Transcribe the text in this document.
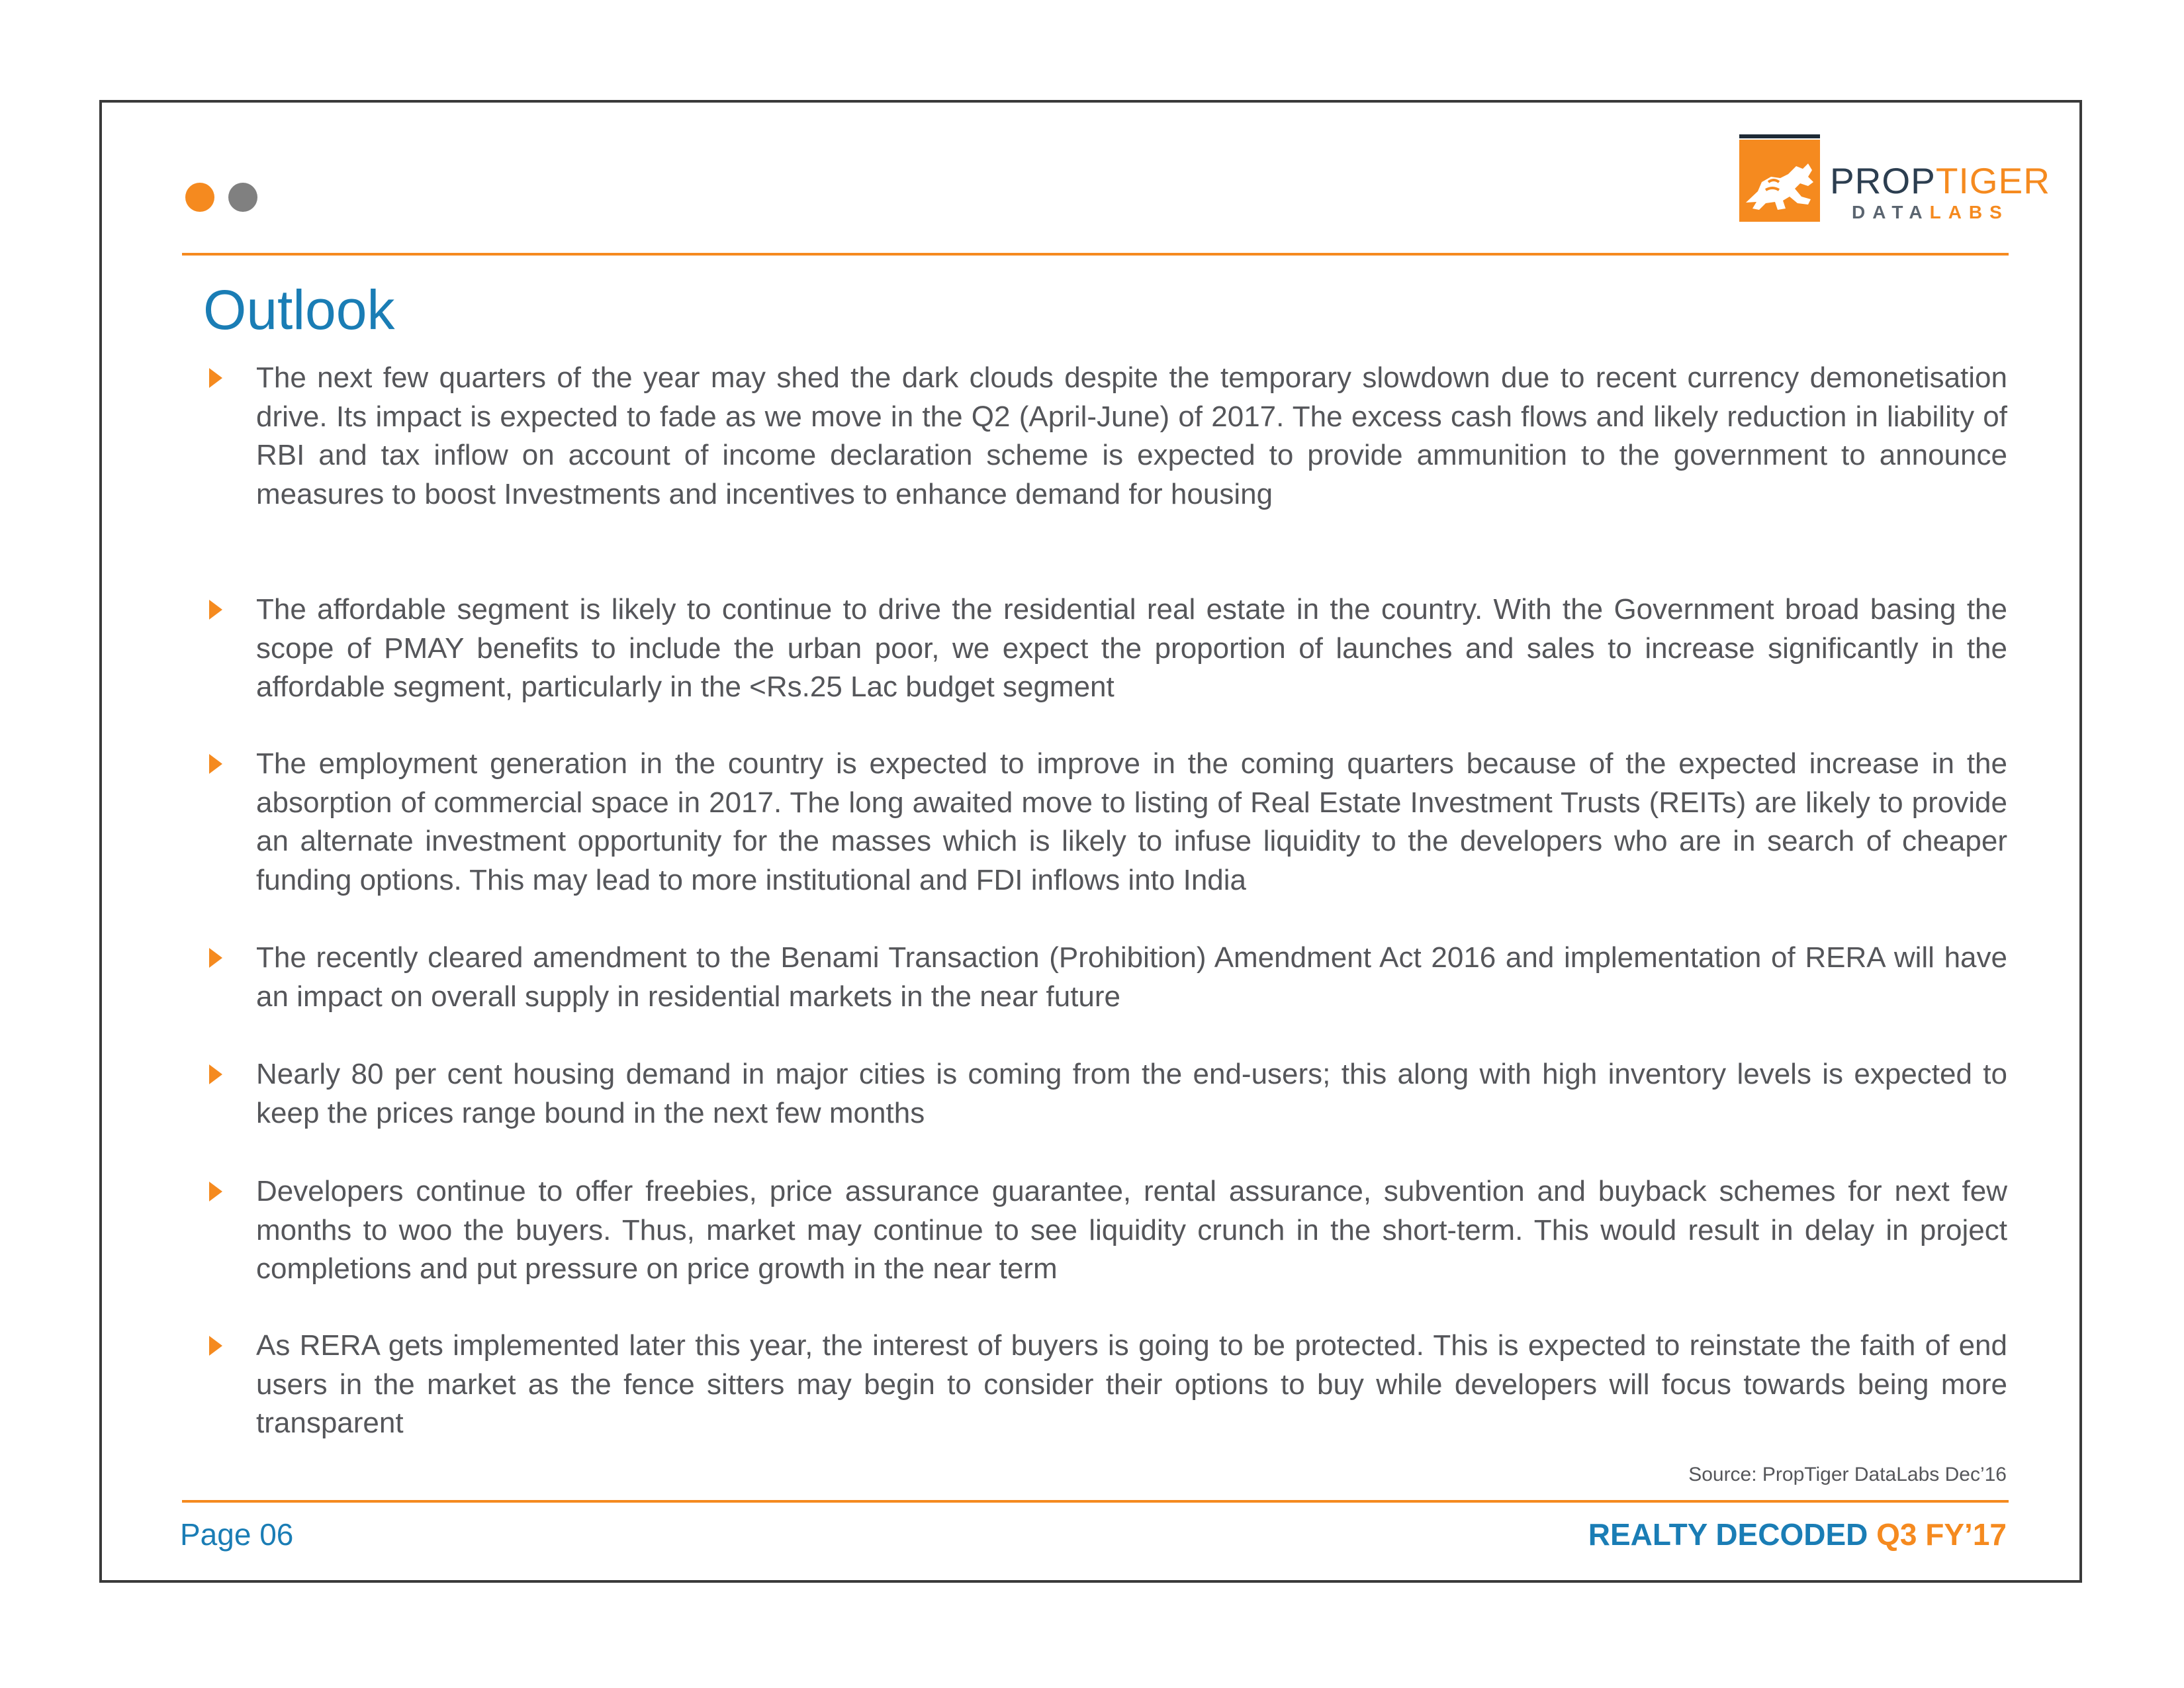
PROPTIGER
DATALABS
Outlook
The next few quarters of the year may shed the dark clouds despite the temporary slowdown due to recent currency demonetisation drive. Its impact is expected to fade as we move in the Q2 (April-June) of 2017. The excess cash flows and likely reduction in liability of RBI and tax inflow on account of income declaration scheme is expected to provide ammunition to the government to announce measures to boost Investments and incentives to enhance demand for housing
The affordable segment is likely to continue to drive the residential real estate in the country. With the Government broad basing the scope of PMAY benefits to include the urban poor, we expect the proportion of launches and sales to increase significantly in the affordable segment, particularly in the <Rs.25 Lac budget segment
The employment generation in the country is expected to improve in the coming quarters because of the expected increase in the absorption of commercial space in 2017. The long awaited move to listing of Real Estate Investment Trusts (REITs) are likely to provide an alternate investment opportunity for the masses which is likely to infuse liquidity to the developers who are in search of cheaper funding options. This may lead to more institutional and FDI inflows into India
The recently cleared amendment to the Benami Transaction (Prohibition) Amendment Act 2016 and implementation of RERA will have an impact on overall supply in residential markets in the near future
Nearly 80 per cent housing demand in major cities is coming from the end-users; this along with high inventory levels is expected to keep the prices range bound in the next few months
Developers continue to offer freebies, price assurance guarantee, rental assurance, subvention and buyback schemes for next few months to woo the buyers. Thus, market may continue to see liquidity crunch in the short-term. This would result in delay in project completions and put pressure on price growth in the near term
As RERA gets implemented later this year, the interest of buyers is going to be protected. This is expected to reinstate the faith of end users in the market as the fence sitters may begin to consider their options to buy while developers will focus towards being more transparent
Source: PropTiger DataLabs Dec’16
Page 06	REALTY DECODED Q3 FY’17
